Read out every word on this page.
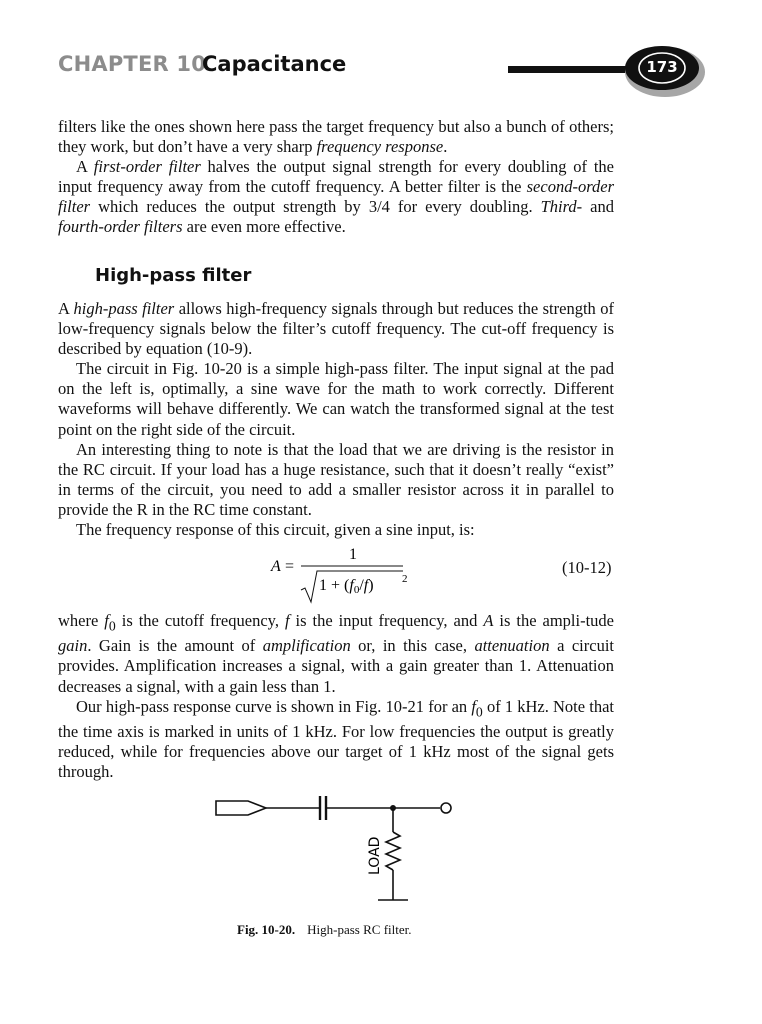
CHAPTER 10
Capacitance	173

filters like the ones shown here pass the target frequency but also a bunch of others; they work, but don’t have a very sharp frequency response.

A first-order filter halves the output signal strength for every doubling of the input frequency away from the cutoff frequency. A better filter is the second-order filter which reduces the output strength by 3/4 for every doubling. Third- and fourth-order filters are even more effective.

High-pass filter

A high-pass filter allows high-frequency signals through but reduces the strength of low-frequency signals below the filter’s cutoff frequency. The cut-off frequency is described by equation (10-9).

The circuit in Fig. 10-20 is a simple high-pass filter. The input signal at the pad on the left is, optimally, a sine wave for the math to work correctly. Different waveforms will behave differently. We can watch the transformed signal at the test point on the right side of the circuit.

An interesting thing to note is that the load that we are driving is the resistor in the RC circuit. If your load has a huge resistance, such that it doesn’t really “exist” in terms of the circuit, you need to add a smaller resistor across it in parallel to provide the R in the RC time constant.

The frequency response of this circuit, given a sine input, is:

A =
1
1 + (f0/f)	2
(10-12)

where $f_0$ is the cutoff frequency, f is the input frequency, and A is the ampli-tude gain. Gain is the amount of amplification or, in this case, attenuation a circuit provides. Amplification increases a signal, with a gain greater than 1. Attenuation decreases a signal, with a gain less than 1.

Our high-pass response curve is shown in Fig. 10-21 for an $f_0$ of 1 kHz. Note that the time axis is marked in units of 1 kHz. For low frequencies the output is greatly reduced, while for frequencies above our target of 1 kHz most of the signal gets through.

LOAD
Fig. 10-20. High-pass RC filter.
